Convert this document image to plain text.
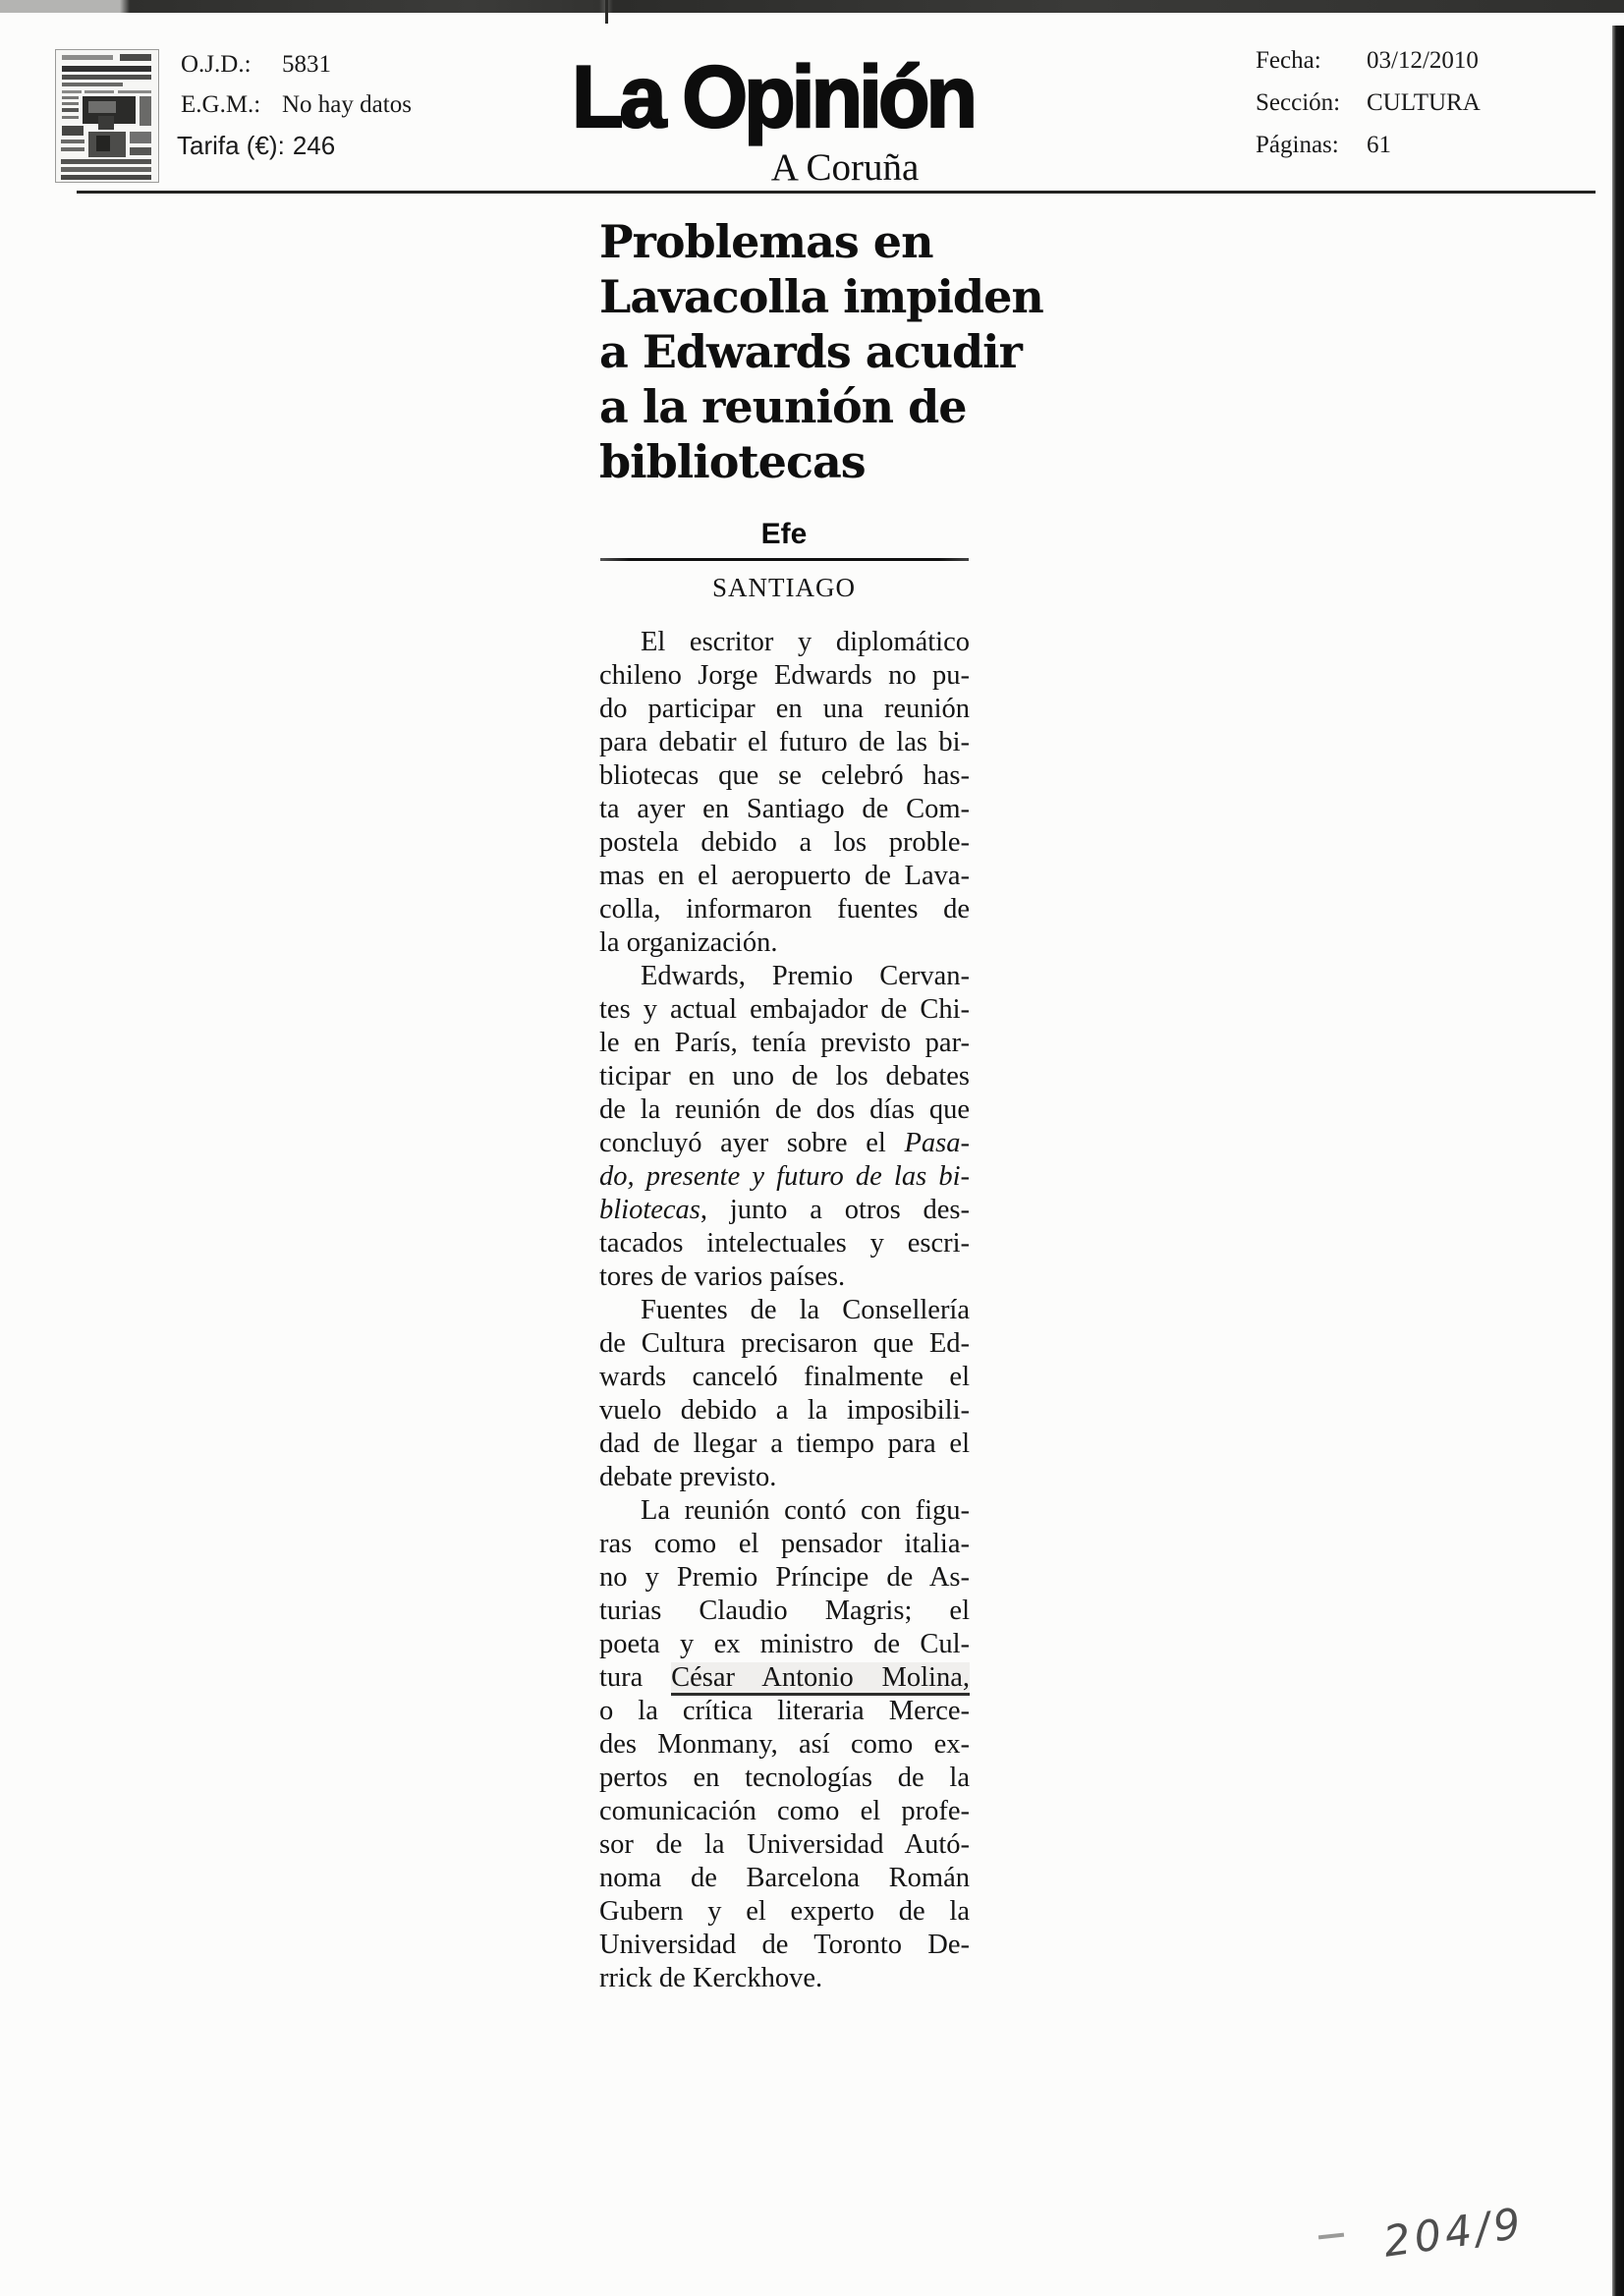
O.J.D.: 5831
E.G.M.: No hay datos
Tarifa (€): 246	La Opinión
A Coruña
Fecha: 03/12/2010
Sección: CULTURA
Páginas: 61
Problemas en
Lavacolla impiden
a Edwards acudir
a la reunión de
bibliotecas
Efe
SANTIAGO
El escritor y diplomático
chileno Jorge Edwards no pu-
do participar en una reunión
para debatir el futuro de las bi-
bliotecas que se celebró has-
ta ayer en Santiago de Com-
postela debido a los proble-
mas en el aeropuerto de Lava-
colla, informaron fuentes de
la organización.
Edwards, Premio Cervan-
tes y actual embajador de Chi-
le en París, tenía previsto par-
ticipar en uno de los debates
de la reunión de dos días que
concluyó ayer sobre el Pasa-
do, presente y futuro de las bi-
bliotecas, junto a otros des-
tacados intelectuales y escri-
tores de varios países.
Fuentes de la Consellería
de Cultura precisaron que Ed-
wards canceló finalmente el
vuelo debido a la imposibili-
dad de llegar a tiempo para el
debate previsto.
La reunión contó con figu-
ras como el pensador italia-
no y Premio Príncipe de As-
turias Claudio Magris; el
poeta y ex ministro de Cul-
tura César Antonio Molina,
o la crítica literaria Merce-
des Monmany, así como ex-
pertos en tecnologías de la
comunicación como el profe-
sor de la Universidad Autó-
noma de Barcelona Román
Gubern y el experto de la
Universidad de Toronto De-
rrick de Kerckhove.
204/9
